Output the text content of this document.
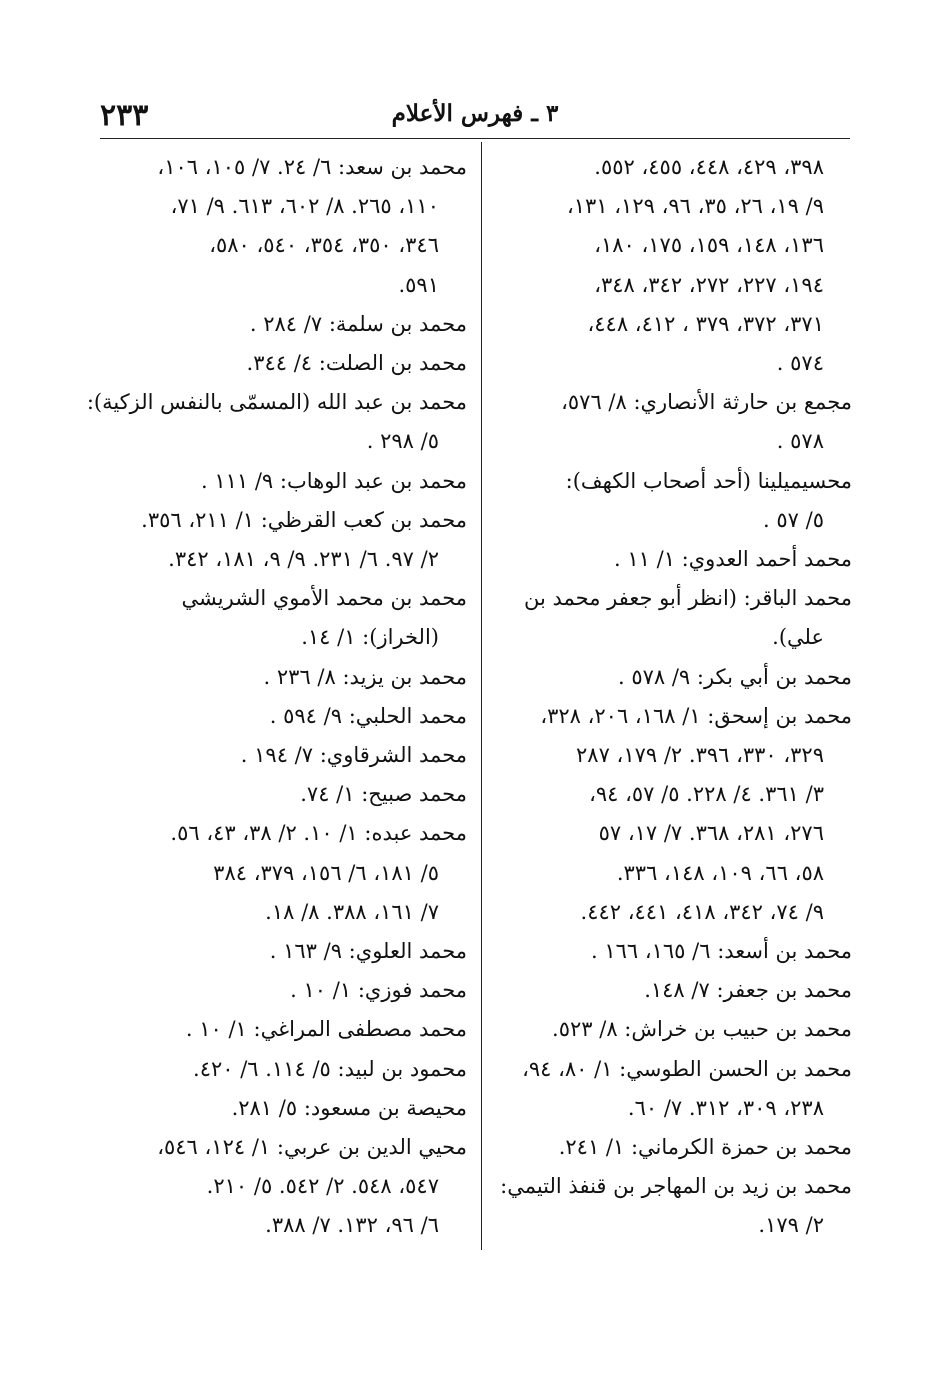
٢٣٣	٣ ـ فهرس الأعلام
٣٩٨، ٤٢٩، ٤٤٨، ٤٥٥، ٥٥٢.
٩/ ١٩، ٢٦، ٣٥، ٩٦، ١٢٩، ١٣١،
١٣٦، ١٤٨، ١٥٩، ١٧٥، ١٨٠،
١٩٤، ٢٢٧، ٢٧٢، ٣٤٢، ٣٤٨،
٣٧١، ٣٧٢، ٣٧٩ ، ٤١٢، ٤٤٨،
٥٧٤ .
مجمع بن حارثة الأنصاري: ٨/ ٥٧٦،
٥٧٨ .
محسيميلينا (أحد أصحاب الكهف):
٥/ ٥٧ .
محمد أحمد العدوي: ١/ ١١ .
محمد الباقر: (انظر أبو جعفر محمد بن
علي).
محمد بن أبي بكر: ٩/ ٥٧٨ .
محمد بن إسحق: ١/ ١٦٨، ٢٠٦، ٣٢٨،
٣٢٩، ٣٣٠، ٣٩٦. ٢/ ١٧٩، ٢٨٧
٣/ ٣٦١. ٤/ ٢٢٨. ٥/ ٥٧، ٩٤،
٢٧٦، ٢٨١، ٣٦٨. ٧/ ١٧، ٥٧
٥٨، ٦٦، ١٠٩، ١٤٨، ٣٣٦.
٩/ ٧٤، ٣٤٢، ٤١٨، ٤٤١، ٤٤٢.
محمد بن أسعد: ٦/ ١٦٥، ١٦٦ .
محمد بن جعفر: ٧/ ١٤٨.
محمد بن حبيب بن خراش: ٨/ ٥٢٣.
محمد بن الحسن الطوسي: ١/ ٨٠، ٩٤،
٢٣٨، ٣٠٩، ٣١٢. ٧/ ٦٠.
محمد بن حمزة الكرماني: ١/ ٢٤١.
محمد بن زيد بن المهاجر بن قنفذ التيمي:
٢/ ١٧٩.
محمد بن سعد: ٦/ ٢٤. ٧/ ١٠٥، ١٠٦،
١١٠، ٢٦٥. ٨/ ٦٠٢، ٦١٣. ٩/ ٧١،
٣٤٦، ٣٥٠، ٣٥٤، ٥٤٠، ٥٨٠،
٥٩١.
محمد بن سلمة: ٧/ ٢٨٤ .
محمد بن الصلت: ٤/ ٣٤٤.
محمد بن عبد الله (المسمّى بالنفس الزكية):
٥/ ٢٩٨ .
محمد بن عبد الوهاب: ٩/ ١١١ .
محمد بن كعب القرظي: ١/ ٢١١، ٣٥٦.
٢/ ٩٧. ٦/ ٢٣١. ٩/ ٩، ١٨١، ٣٤٢.
محمد بن محمد الأموي الشريشي
(الخراز): ١/ ١٤.
محمد بن يزيد: ٨/ ٢٣٦ .
محمد الحلبي: ٩/ ٥٩٤ .
محمد الشرقاوي: ٧/ ١٩٤ .
محمد صبيح: ١/ ٧٤.
محمد عبده: ١/ ١٠. ٢/ ٣٨، ٤٣، ٥٦.
٥/ ١٨١، ٦/ ١٥٦، ٣٧٩، ٣٨٤
٧/ ١٦١، ٣٨٨. ٨/ ١٨.
محمد العلوي: ٩/ ١٦٣ .
محمد فوزي: ١/ ١٠ .
محمد مصطفى المراغي: ١/ ١٠ .
محمود بن لبيد: ٥/ ١١٤. ٦/ ٤٢٠.
محيصة بن مسعود: ٥/ ٢٨١.
محيي الدين بن عربي: ١/ ١٢٤، ٥٤٦،
٥٤٧، ٥٤٨. ٢/ ٥٤٢. ٥/ ٢١٠.
٦/ ٩٦، ١٣٢. ٧/ ٣٨٨.
